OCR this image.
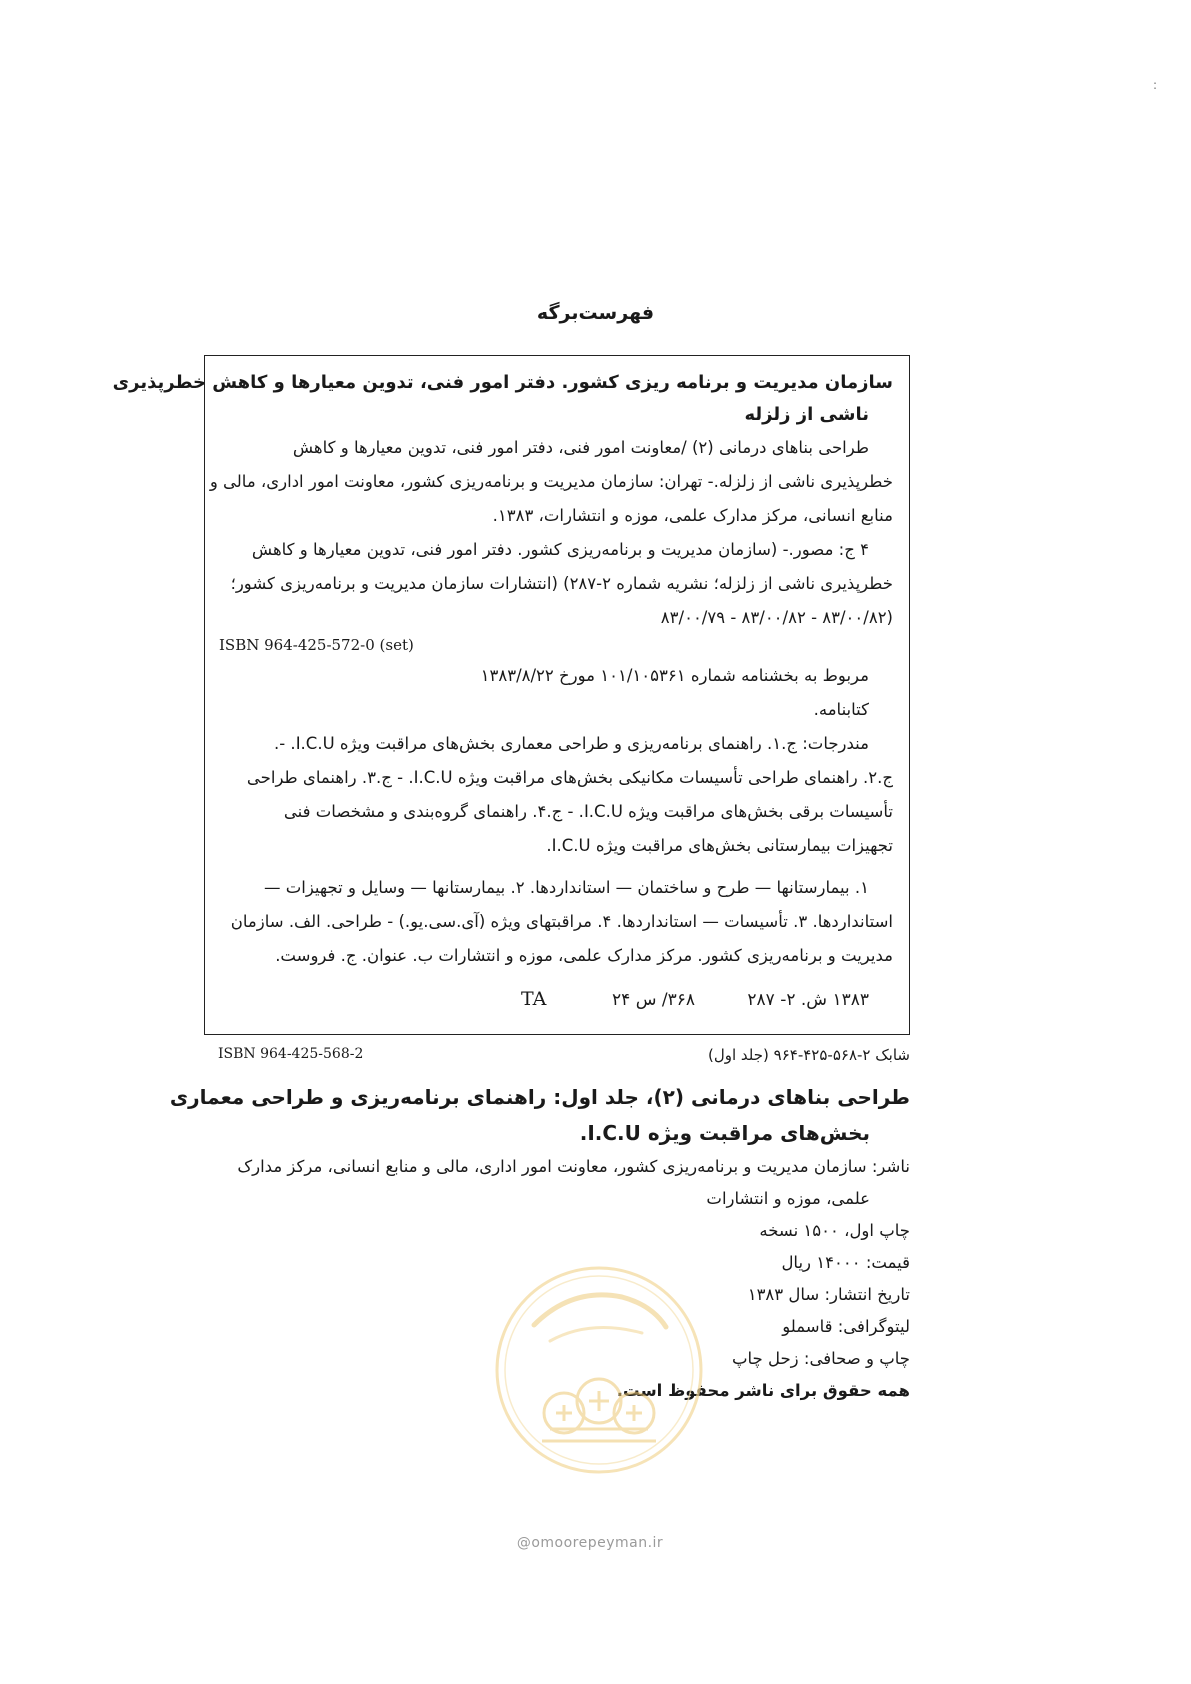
:
فهرست‌برگه
سازمان مدیریت و برنامه ریزی کشور. دفتر امور فنی، تدوین معیارها و کاهش خطرپذیری
ناشی از زلزله
طراحی بناهای درمانی (۲) /معاونت امور فنی، دفتر امور فنی، تدوین معیارها و کاهش
خطرپذیری ناشی از زلزله.- تهران: سازمان مدیریت و برنامه‌ریزی کشور، معاونت امور اداری، مالی و
منابع انسانی، مرکز مدارک علمی، موزه و انتشارات، ۱۳۸۳.
۴ ج: مصور.- (سازمان مدیریت و برنامه‌ریزی کشور. دفتر امور فنی، تدوین معیارها و کاهش
خطرپذیری ناشی از زلزله؛ نشریه شماره ۲-۲۸۷) (انتشارات سازمان مدیریت و برنامه‌ریزی کشور؛
۸۳/۰۰/۷۹ - ۸۳/۰۰/۸۲ - ۸۳/۰۰/۸۲)
ISBN 964-425-572-0 (set)
مربوط به بخشنامه شماره ۱۰۱/۱۰۵۳۶۱ مورخ ۱۳۸۳/۸/۲۲
کتابنامه.
مندرجات: ج.۱. راهنمای برنامه‌ریزی و طراحی معماری بخش‌های مراقبت ویژه I.C.U. -.
ج.۲. راهنمای طراحی تأسیسات مکانیکی بخش‌های مراقبت ویژه I.C.U. - ج.۳. راهنمای طراحی
تأسیسات برقی بخش‌های مراقبت ویژه I.C.U. - ج.۴. راهنمای گروه‌بندی و مشخصات فنی
تجهیزات بیمارستانی بخش‌های مراقبت ویژه I.C.U.
۱. بیمارستانها — طرح و ساختمان — استانداردها. ۲. بیمارستانها — وسایل و تجهیزات —
استانداردها. ۳. تأسیسات — استانداردها. ۴. مراقبتهای ویژه (آی.سی.یو.) - طراحی. الف. سازمان
مدیریت و برنامه‌ریزی کشور. مرکز مدارک علمی، موزه و انتشارات ب. عنوان. ج. فروست.
۱۳۸۳ ش. ۲- ۲۸۷
۳۶۸/ س ۲۴
TA
ISBN 964-425-568-2	شابک ۲-۵۶۸-۴۲۵-۹۶۴ (جلد اول)
طراحی بناهای درمانی (۲)، جلد اول: راهنمای برنامه‌ریزی و طراحی معماری
بخش‌های مراقبت ویژه I.C.U.
ناشر: سازمان مدیریت و برنامه‌ریزی کشور، معاونت امور اداری، مالی و منابع انسانی، مرکز مدارک
علمی، موزه و انتشارات
چاپ اول، ۱۵۰۰ نسخه
قیمت: ۱۴۰۰۰ ریال
تاریخ انتشار: سال ۱۳۸۳
لیتوگرافی: قاسملو
چاپ و صحافی: زحل چاپ
همه حقوق برای ناشر محفوظ است.
@omoorepeyman.ir
